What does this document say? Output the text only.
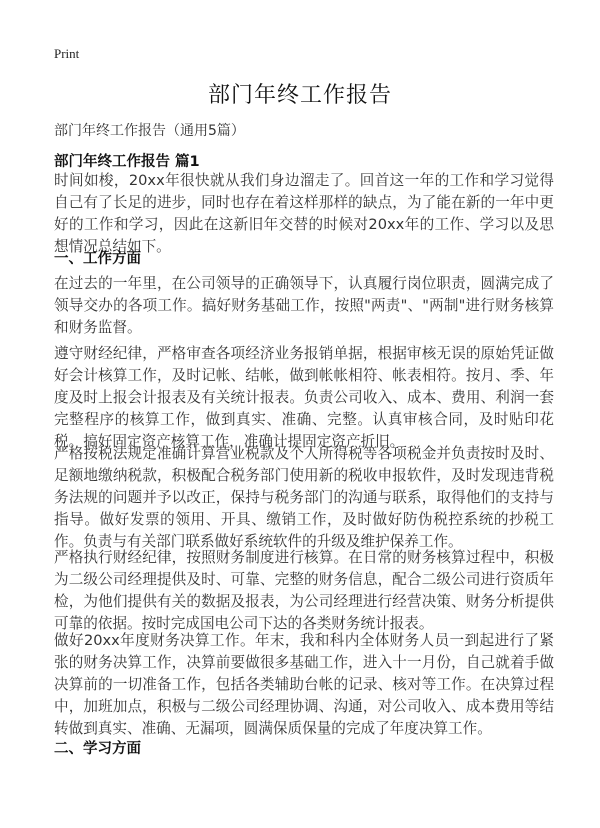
Print
部门年终工作报告
部门年终工作报告（通用5篇）
部门年终工作报告 篇1

时间如梭，20xx年很快就从我们身边溜走了。回首这一年的工作和学习觉得自己有了长足的进步，同时也存在着这样那样的缺点，为了能在新的一年中更好的工作和学习，因此在这新旧年交替的时候对20xx年的工作、学习以及思想情况总结如下。

一、工作方面

在过去的一年里，在公司领导的正确领导下，认真履行岗位职责，圆满完成了领导交办的各项工作。搞好财务基础工作，按照"两责"、"两制"进行财务核算和财务监督。

遵守财经纪律，严格审查各项经济业务报销单据，根据审核无误的原始凭证做好会计核算工作，及时记帐、结帐，做到帐帐相符、帐表相符。按月、季、年度及时上报会计报表及有关统计报表。负责公司收入、成本、费用、利润一套完整程序的核算工作，做到真实、准确、完整。认真审核合同，及时贴印花税。搞好固定资产核算工作，准确计提固定资产折旧。

严格按税法规定准确计算营业税款及个人所得税等各项税金并负责按时及时、足额地缴纳税款，积极配合税务部门使用新的税收申报软件，及时发现违背税务法规的问题并予以改正，保持与税务部门的沟通与联系，取得他们的支持与指导。做好发票的领用、开具、缴销工作，及时做好防伪税控系统的抄税工作。负责与有关部门联系做好系统软件的升级及维护保养工作。

严格执行财经纪律，按照财务制度进行核算。在日常的财务核算过程中，积极为二级公司经理提供及时、可靠、完整的财务信息，配合二级公司进行资质年检，为他们提供有关的数据及报表，为公司经理进行经营决策、财务分析提供可靠的依据。按时完成国电公司下达的各类财务统计报表。

做好20xx年度财务决算工作。年末，我和科内全体财务人员一到起进行了紧张的财务决算工作，决算前要做很多基础工作，进入十一月份，自己就着手做决算前的一切准备工作，包括各类辅助台帐的记录、核对等工作。在决算过程中，加班加点，积极与二级公司经理协调、沟通，对公司收入、成本费用等结转做到真实、准确、无漏项，圆满保质保量的完成了年度决算工作。

二、学习方面
